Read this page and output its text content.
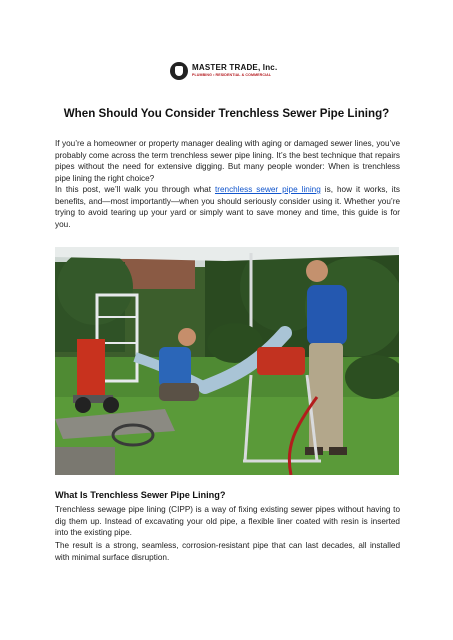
MASTER TRADE, Inc.
PLUMBING • RESIDENTIAL & COMMERCIAL
When Should You Consider Trenchless Sewer Pipe Lining?

If you’re a homeowner or property manager dealing with aging or damaged sewer lines, you’ve probably come across the term trenchless sewer pipe lining. It’s the best technique that repairs pipes without the need for extensive digging. But many people wonder: When is trenchless pipe lining the right choice?

In this post, we’ll walk you through what trenchless sewer pipe lining is, how it works, its benefits, and—most importantly—when you should seriously consider using it. Whether you’re trying to avoid tearing up your yard or simply want to save money and time, this guide is for you.

What Is Trenchless Sewer Pipe Lining?

Trenchless sewage pipe lining (CIPP) is a way of fixing existing sewer pipes without having to dig them up. Instead of excavating your old pipe, a flexible liner coated with resin is inserted into the existing pipe.

The result is a strong, seamless, corrosion-resistant pipe that can last decades, all installed with minimal surface disruption.
